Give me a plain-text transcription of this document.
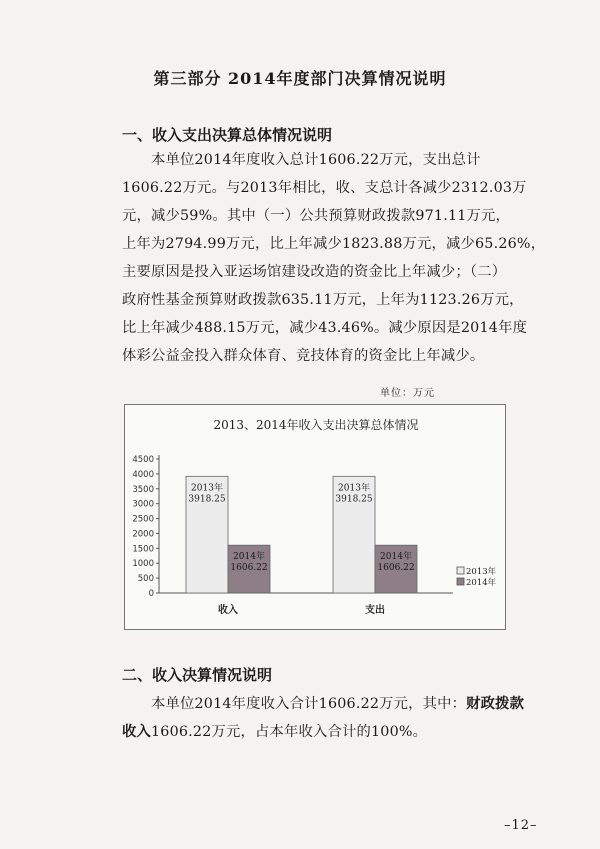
第三部分 2014年度部门决算情况说明
一、收入支出决算总体情况说明
本单位2014年度收入总计1606.22万元，支出总计
1606.22万元。与2013年相比，收、支总计各减少2312.03万
元，减少59%。其中（一）公共预算财政拨款971.11万元，
上年为2794.99万元，比上年减少1823.88万元，减少65.26%，
主要原因是投入亚运场馆建设改造的资金比上年减少；（二）
政府性基金预算财政拨款635.11万元，上年为1123.26万元，
比上年减少488.15万元，减少43.46%。减少原因是2014年度
体彩公益金投入群众体育、竞技体育的资金比上年减少。
单位：万元
2013、2014年收入支出决算总体情况
0
500
1000
1500
2000
2500
3000
3500
4000
4500
2013年
3918.25
2014年
1606.22
收入
2013年
3918.25
2014年
1606.22
支出
2013年
2014年
二、收入决算情况说明
本单位2014年度收入合计1606.22万元，其中：财政拨款
收入1606.22万元，占本年收入合计的100%。
–12–
